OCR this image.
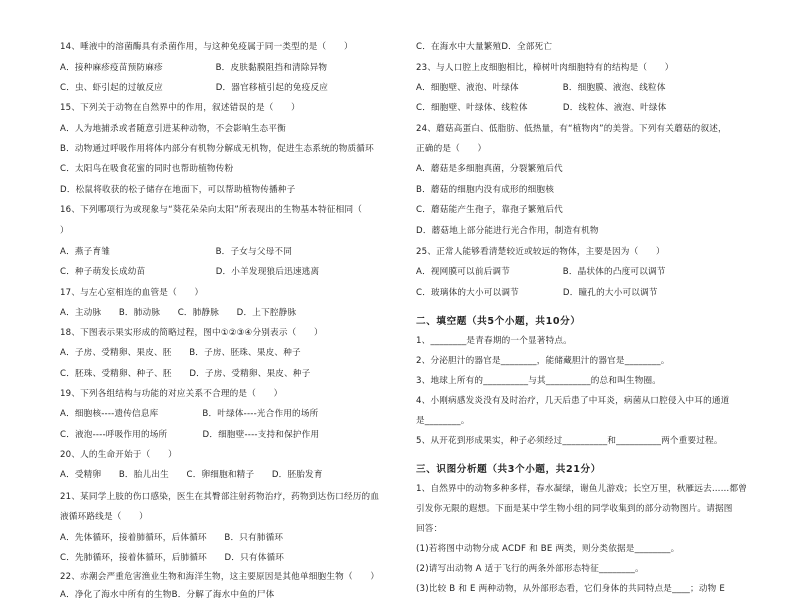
14、唾液中的溶菌酶具有杀菌作用，与这种免疫属于同一类型的是（　　）
A．接种麻疹疫苗预防麻疹　　　　　　B．皮肤黏膜阻挡和清除异物
C．虫、虾引起的过敏反应　　　　　　D．器官移植引起的免疫反应
15、下列关于动物在自然界中的作用，叙述错误的是（　　）
A．人为地捕杀或者随意引进某种动物，不会影响生态平衡
B．动物通过呼吸作用将体内部分有机物分解成无机物，促进生态系统的物质循环
C．太阳鸟在吸食花蜜的同时也帮助植物传粉
D．松鼠将收获的松子储存在地面下，可以帮助植物传播种子
16、下列哪项行为或现象与“葵花朵朵向太阳”所表现出的生物基本特征相同（
）
A．燕子育雏　　　　　　　　　　　　B．子女与父母不同
C．种子萌发长成幼苗　　　　　　　　D．小羊发现狼后迅速逃离
17、与左心室相连的血管是（　　）
A．主动脉　　B．肺动脉　　C．肺静脉　　D．上下腔静脉
18、下图表示果实形成的简略过程，图中①②③④分别表示（　　）
A．子房、受精卵、果皮、胚　　B．子房、胚珠、果皮、种子
C．胚珠、受精卵、种子、胚　　D．子房、受精卵、果皮、种子
19、下列各组结构与功能的对应关系不合理的是（　　）
A．细胞核----遗传信息库　　　　　B．叶绿体----光合作用的场所
C．液泡----呼吸作用的场所　　　　D．细胞壁----支持和保护作用
20、人的生命开始于（　　）
A．受精卵　　B．胎儿出生　　C．卵细胞和精子　　D．胚胎发育
21、某同学上肢的伤口感染，医生在其臀部注射药物治疗，药物到达伤口经历的血
液循环路线是（　　）
A．先体循环，接着肺循环，后体循环　　B．只有肺循环
C．先肺循环，接着体循环，后肺循环　　D．只有体循环
22、赤潮会严重危害渔业生物和海洋生物，这主要原因是其他单细胞生物（　　）
A．净化了海水中所有的生物B．分解了海水中鱼的尸体
C．在海水中大量繁殖D．全部死亡
23、与人口腔上皮细胞相比，樟树叶肉细胞特有的结构是（　　）
A．细胞壁、液泡、叶绿体　　　　　B．细胞膜、液泡、线粒体
C．细胞壁、叶绿体、线粒体　　　　D．线粒体、液泡、叶绿体
24、蘑菇高蛋白、低脂肪、低热量，有“植物肉”的美誉。下列有关蘑菇的叙述，
正确的是（　　）
A．蘑菇是多细胞真菌，分裂繁殖后代
B．蘑菇的细胞内没有成形的细胞核
C．蘑菇能产生孢子，靠孢子繁殖后代
D．蘑菇地上部分能进行光合作用，制造有机物
25、正常人能够看清楚较近或较远的物体，主要是因为（　　）
A．视网膜可以前后调节　　　　　　B．晶状体的凸度可以调节
C．玻璃体的大小可以调节　　　　　D．瞳孔的大小可以调节
二、填空题（共5个小题，共10分）
1、________是青春期的一个显著特点。
2、分泌胆汁的器官是________，能储藏胆汁的器官是________。
3、地球上所有的__________与其__________的总和叫生物圈。
4、小刚病感发炎没有及时治疗，几天后患了中耳炎，病菌从口腔侵入中耳的通道
是________。
5、从开花到形成果实，种子必须经过__________和__________两个重要过程。
三、识图分析题（共3个小题，共21分）
1、自然界中的动物多种多样，春水凝绿，谢鱼儿游戏；长空万里，秋雁远去……都曾
引发你无限的遐想。下面是某中学生物小组的同学收集到的部分动物图片。请据图
回答：
(1)若将图中动物分成 ACDF 和 BE 两类，则分类依据是________。
(2)请写出动物 A 适于飞行的两条外部形态特征________。
(3)比较 B 和 E 两种动物，从外部形态看，它们身体的共同特点是____；动物 E
